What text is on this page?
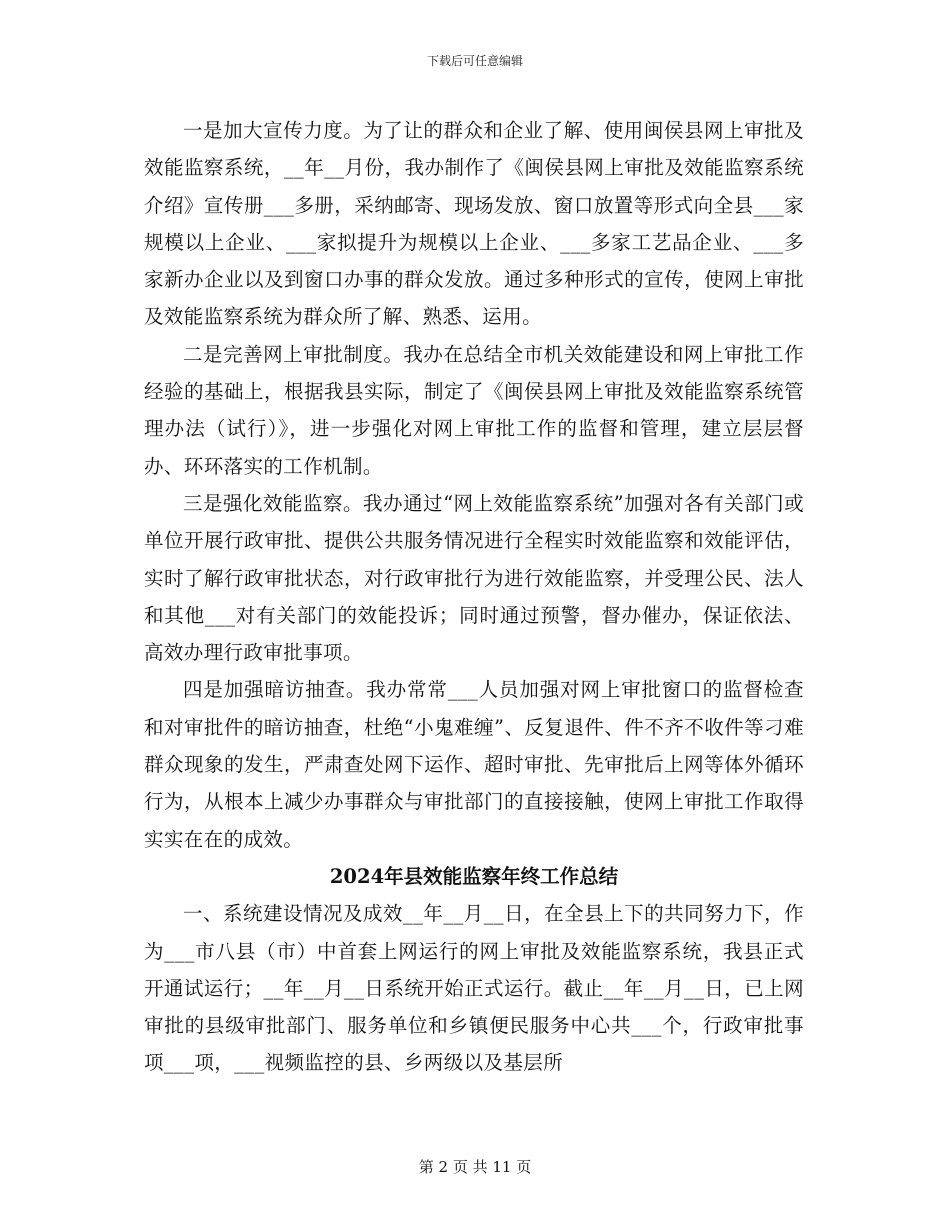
下载后可任意编辑

一是加大宣传力度。为了让的群众和企业了解、使用闽侯县网上审批及效能监察系统，__年__月份，我办制作了《闽侯县网上审批及效能监察系统介绍》宣传册___多册，采纳邮寄、现场发放、窗口放置等形式向全县___家规模以上企业、___家拟提升为规模以上企业、___多家工艺品企业、___多家新办企业以及到窗口办事的群众发放。通过多种形式的宣传，使网上审批及效能监察系统为群众所了解、熟悉、运用。

二是完善网上审批制度。我办在总结全市机关效能建设和网上审批工作经验的基础上，根据我县实际，制定了《闽侯县网上审批及效能监察系统管理办法（试行）》，进一步强化对网上审批工作的监督和管理，建立层层督办、环环落实的工作机制。

三是强化效能监察。我办通过“网上效能监察系统”加强对各有关部门或单位开展行政审批、提供公共服务情况进行全程实时效能监察和效能评估，实时了解行政审批状态，对行政审批行为进行效能监察，并受理公民、法人和其他___对有关部门的效能投诉；同时通过预警，督办催办，保证依法、高效办理行政审批事项。

四是加强暗访抽查。我办常常___人员加强对网上审批窗口的监督检查和对审批件的暗访抽查，杜绝“小鬼难缠”、反复退件、件不齐不收件等刁难群众现象的发生，严肃查处网下运作、超时审批、先审批后上网等体外循环行为，从根本上减少办事群众与审批部门的直接接触，使网上审批工作取得实实在在的成效。

2024年县效能监察年终工作总结

一、系统建设情况及成效__年__月__日，在全县上下的共同努力下，作为___市八县（市）中首套上网运行的网上审批及效能监察系统，我县正式开通试运行；__年__月__日系统开始正式运行。截止__年__月__日，已上网审批的县级审批部门、服务单位和乡镇便民服务中心共___个，行政审批事项___项，___视频监控的县、乡两级以及基层所

第 2 页 共 11 页
